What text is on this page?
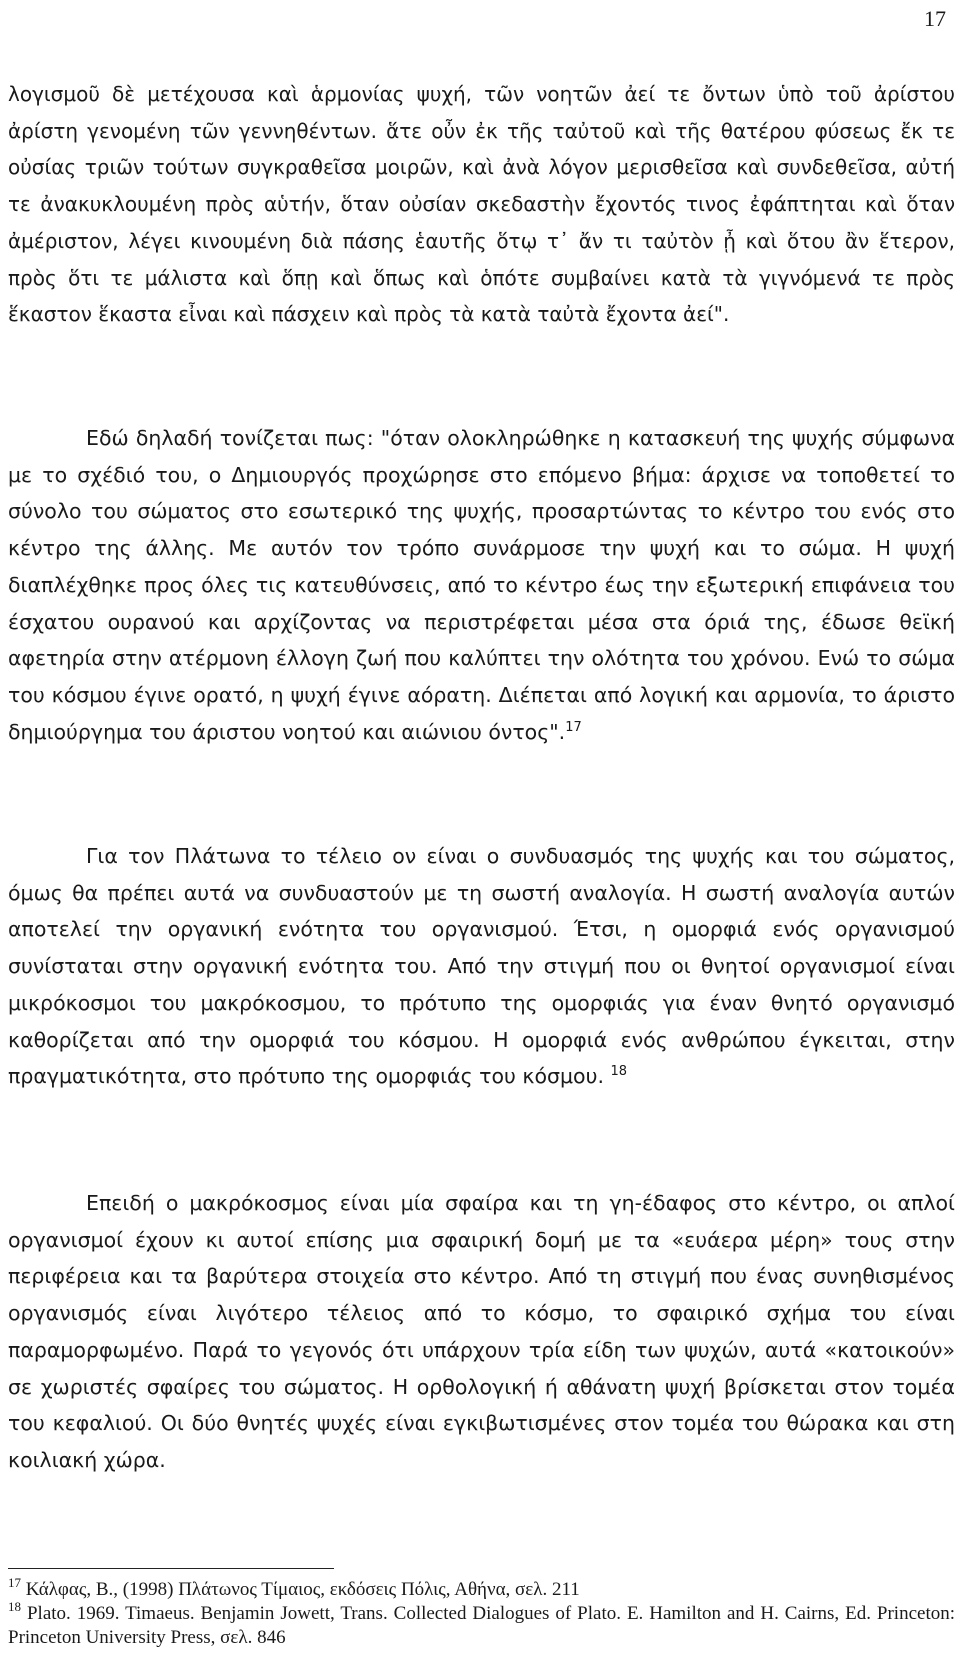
17

λογισμοῦ δὲ μετέχουσα καὶ ἁρμονίας ψυχή, τῶν νοητῶν ἀεί τε ὄντων ὑπὸ τοῦ ἀρίστου ἀρίστη γενομένη τῶν γεννηθέντων. ἅτε οὖν ἐκ τῆς ταὐτοῦ καὶ τῆς θατέρου φύσεως ἔκ τε οὐσίας τριῶν τούτων συγκραθεῖσα μοιρῶν, καὶ ἀνὰ λόγον μερισθεῖσα καὶ συνδεθεῖσα, αὐτή τε ἀνακυκλουμένη πρὸς αὑτήν, ὅταν οὐσίαν σκεδαστὴν ἔχοντός τινος ἐφάπτηται καὶ ὅταν ἀμέριστον, λέγει κινουμένη διὰ πάσης ἑαυτῆς ὅτῳ τ᾽ ἄν τι ταὐτὸν ᾖ καὶ ὅτου ἂν ἕτερον, πρὸς ὅτι τε μάλιστα καὶ ὅπῃ καὶ ὅπως καὶ ὁπότε συμβαίνει κατὰ τὰ γιγνόμενά τε πρὸς ἕκαστον ἕκαστα εἶναι καὶ πάσχειν καὶ πρὸς τὰ κατὰ ταὐτὰ ἔχοντα ἀεί".

Εδώ δηλαδή τονίζεται πως: "όταν ολοκληρώθηκε η κατασκευή της ψυχής σύμφωνα με το σχέδιό του, ο Δημιουργός προχώρησε στο επόμενο βήμα: άρχισε να τοποθετεί το σύνολο του σώματος στο εσωτερικό της ψυχής, προσαρτώντας το κέντρο του ενός στο κέντρο της άλλης. Με αυτόν τον τρόπο συνάρμοσε την ψυχή και το σώμα. Η ψυχή διαπλέχθηκε προς όλες τις κατευθύνσεις, από το κέντρο έως την εξωτερική επιφάνεια του έσχατου ουρανού και αρχίζοντας να περιστρέφεται μέσα στα όριά της, έδωσε θεϊκή αφετηρία στην ατέρμονη έλλογη ζωή που καλύπτει την ολότητα του χρόνου. Ενώ το σώμα του κόσμου έγινε ορατό, η ψυχή έγινε αόρατη. Διέπεται από λογική και αρμονία, το άριστο δημιούργημα του άριστου νοητού και αιώνιου όντος".$^{17}$

Για τον Πλάτωνα το τέλειο ον είναι ο συνδυασμός της ψυχής και του σώματος, όμως θα πρέπει αυτά να συνδυαστούν με τη σωστή αναλογία. Η σωστή αναλογία αυτών αποτελεί την οργανική ενότητα του οργανισμού. Έτσι, η ομορφιά ενός οργανισμού συνίσταται στην οργανική ενότητα του. Από την στιγμή που οι θνητοί οργανισμοί είναι μικρόκοσμοι του μακρόκοσμου, το πρότυπο της ομορφιάς για έναν θνητό οργανισμό καθορίζεται από την ομορφιά του κόσμου. Η ομορφιά ενός ανθρώπου έγκειται, στην πραγματικότητα, στο πρότυπο της ομορφιάς του κόσμου. $^{18}$

Επειδή ο μακρόκοσμος είναι μία σφαίρα και τη γη-έδαφος στο κέντρο, οι απλοί οργανισμοί έχουν κι αυτοί επίσης μια σφαιρική δομή με τα «ευάερα μέρη» τους στην περιφέρεια και τα βαρύτερα στοιχεία στο κέντρο. Από τη στιγμή που ένας συνηθισμένος οργανισμός είναι λιγότερο τέλειος από το κόσμο, το σφαιρικό σχήμα του είναι παραμορφωμένο. Παρά το γεγονός ότι υπάρχουν τρία είδη των ψυχών, αυτά «κατοικούν» σε χωριστές σφαίρες του σώματος. Η ορθολογική ή αθάνατη ψυχή βρίσκεται στον τομέα του κεφαλιού. Οι δύο θνητές ψυχές είναι εγκιβωτισμένες στον τομέα του θώρακα και στη κοιλιακή χώρα.

$^{17}$ Κάλφας, Β., (1998) Πλάτωνος Τίμαιος, εκδόσεις Πόλις, Αθήνα, σελ. 211

$^{18}$ Plato. 1969. Timaeus. Benjamin Jowett, Trans. Collected Dialogues of Plato. E. Hamilton and H. Cairns, Ed. Princeton: Princeton University Press, σελ. 846
